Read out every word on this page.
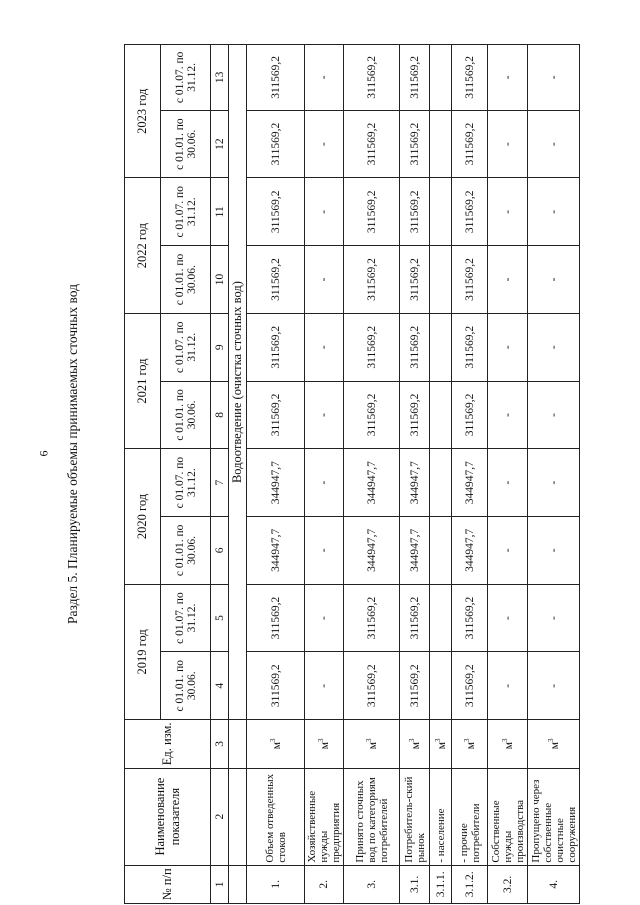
6 Раздел 5. Планируемые объемы принимаемых сточных вод
№ п/п	Наименование показателя	Ед. изм.	2019 год		2020 год		2021 год		2022 год		2023 год	
			с 01.01. по 30.06.	с 01.07. по 31.12.	с 01.01. по 30.06.	с 01.07. по 31.12.	с 01.01. по 30.06.	с 01.07. по 31.12.	с 01.01. по 30.06.	с 01.07. по 31.12.	с 01.01. по 30.06.	с 01.07. по 31.12.
1	2	3	4	5	6	7	8	9	10	11	12	13
			Водоотведение (очистка сточных вод)									
1.	Объем отведенных стоков	$м^3$	311569,2	311569,2	344947,7	344947,7	311569,2	311569,2	311569,2	311569,2	311569,2	311569,2
2.	Хозяйственные нужды предприятия	$м^3$	-	-	-	-	-	-	-	-	-	-
3.	Принято сточных вод по категориям потребителей	$м^3$	311569,2	311569,2	344947,7	344947,7	311569,2	311569,2	311569,2	311569,2	311569,2	311569,2
3.1.	Потребитель-ский рынок	$м^3$	311569,2	311569,2	344947,7	344947,7	311569,2	311569,2	311569,2	311569,2	311569,2	311569,2
3.1.1.	- население	$м^3$										
3.1.2.	- прочие потребители	$м^3$	311569,2	311569,2	344947,7	344947,7	311569,2	311569,2	311569,2	311569,2	311569,2	311569,2
3.2.	Собственные нужды производства	$м^3$	-	-	-	-	-	-	-	-	-	-
4.	Пропущено через собственные очистные сооружения	$м^3$	-	-	-	-	-	-	-	-	-	-
